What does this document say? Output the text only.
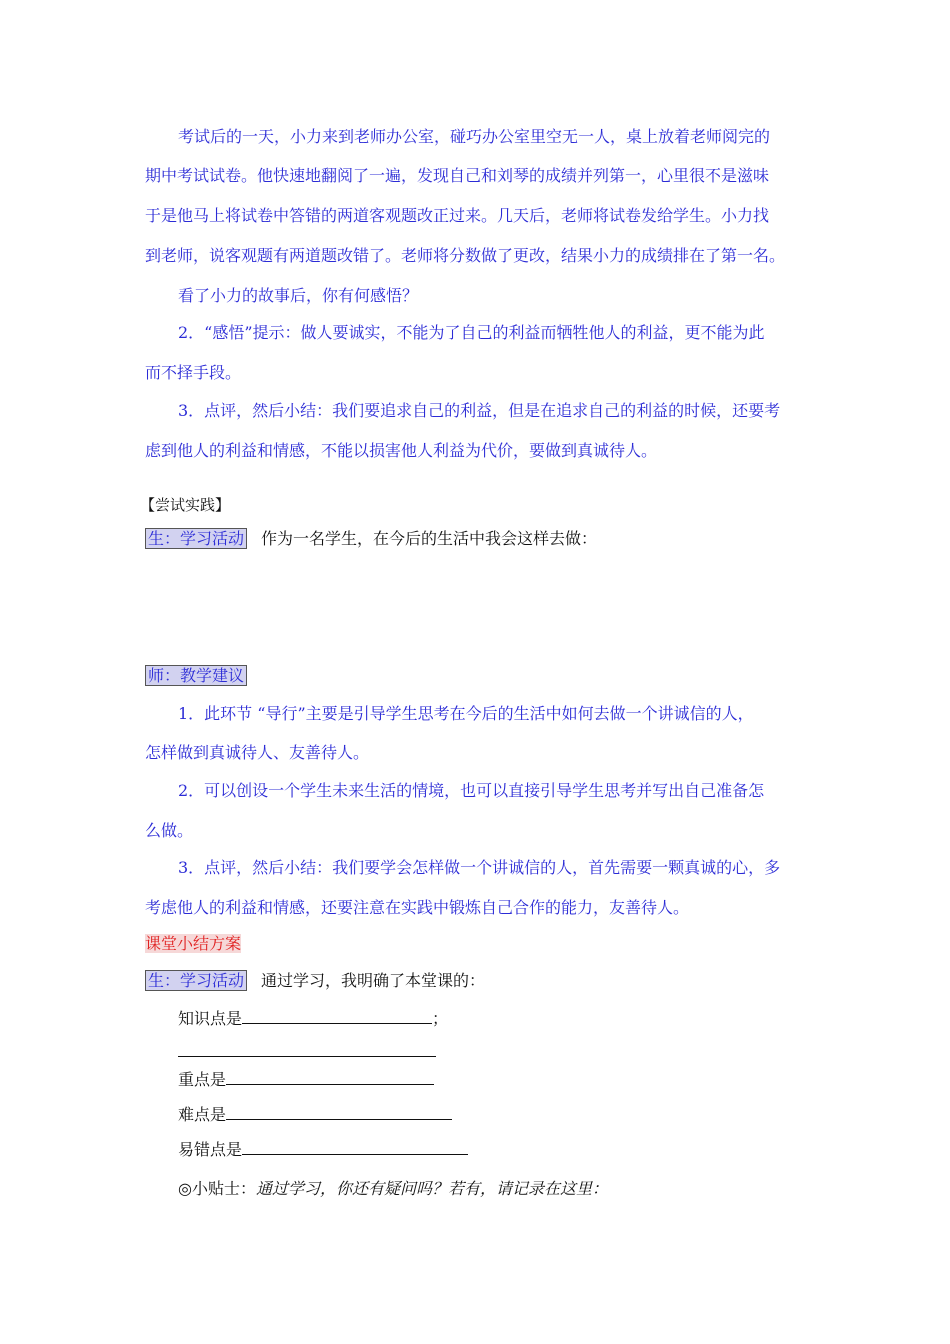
考试后的一天，小力来到老师办公室，碰巧办公室里空无一人，桌上放着老师阅完的
期中考试试卷。他快速地翻阅了一遍，发现自己和刘琴的成绩并列第一，心里很不是滋味
于是他马上将试卷中答错的两道客观题改正过来。几天后，老师将试卷发给学生。小力找
到老师，说客观题有两道题改错了。老师将分数做了更改，结果小力的成绩排在了第一名。
看了小力的故事后，你有何感悟？
2．“感悟”提示：做人要诚实，不能为了自己的利益而牺牲他人的利益，更不能为此
而不择手段。
3．点评，然后小结：我们要追求自己的利益，但是在追求自己的利益的时候，还要考
虑到他人的利益和情感，不能以损害他人利益为代价，要做到真诚待人。
【尝试实践】
生：学习活动 作为一名学生，在今后的生活中我会这样去做：
师：教学建议
1．此环节 “导行”主要是引导学生思考在今后的生活中如何去做一个讲诚信的人，
怎样做到真诚待人、友善待人。
2．可以创设一个学生未来生活的情境，也可以直接引导学生思考并写出自己准备怎
么做。
3．点评，然后小结：我们要学会怎样做一个讲诚信的人，首先需要一颗真诚的心，多
考虑他人的利益和情感，还要注意在实践中锻炼自己合作的能力，友善待人。
课堂小结方案
生：学习活动 通过学习，我明确了本堂课的：
知识点是	；
重点是
难点是
易错点是
◎小贴士：通过学习，你还有疑问吗？若有，请记录在这里：
